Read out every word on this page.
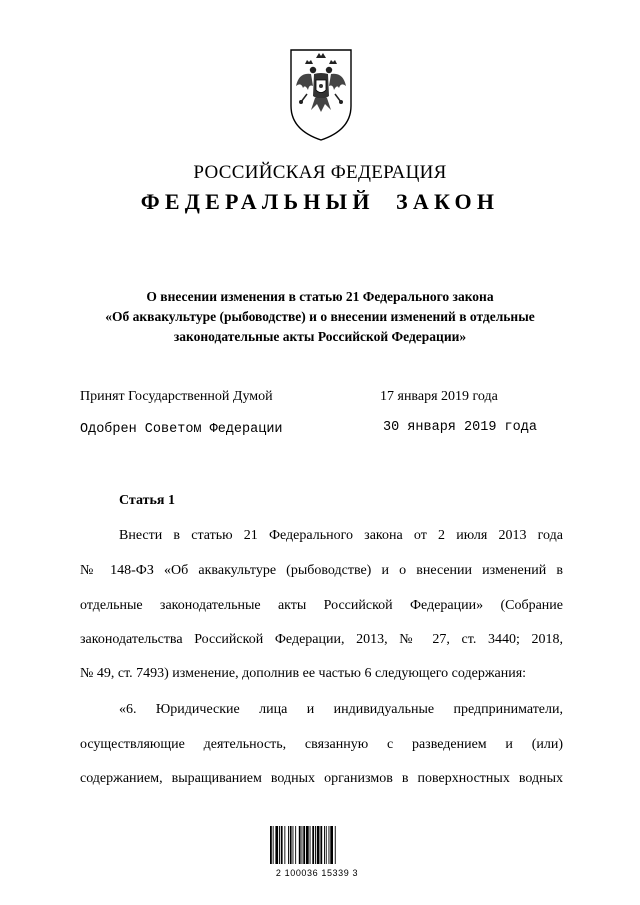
РОССИЙСКАЯ ФЕДЕРАЦИЯ
ФЕДЕРАЛЬНЫЙ  ЗАКОН
О внесении изменения в статью 21 Федерального закона
«Об аквакультуре (рыбоводстве) и о внесении изменений в отдельные
законодательные акты Российской Федерации»
Принят Государственной Думой	17 января 2019 года
Одобрен Советом Федерации	30 января 2019 года
Статья 1
Внести в статью 21 Федерального закона от 2 июля 2013 года
№ 148-ФЗ «Об аквакультуре (рыбоводстве) и о внесении изменений в
отдельные законодательные акты Российской Федерации» (Собрание
законодательства Российской Федерации, 2013, № 27, ст. 3440; 2018,
№ 49, ст. 7493) изменение, дополнив ее частью 6 следующего содержания:
«6. Юридические лица и индивидуальные предприниматели,
осуществляющие деятельность, связанную с разведением и (или)
содержанием, выращиванием водных организмов в поверхностных водных
2 100036 15339 3
